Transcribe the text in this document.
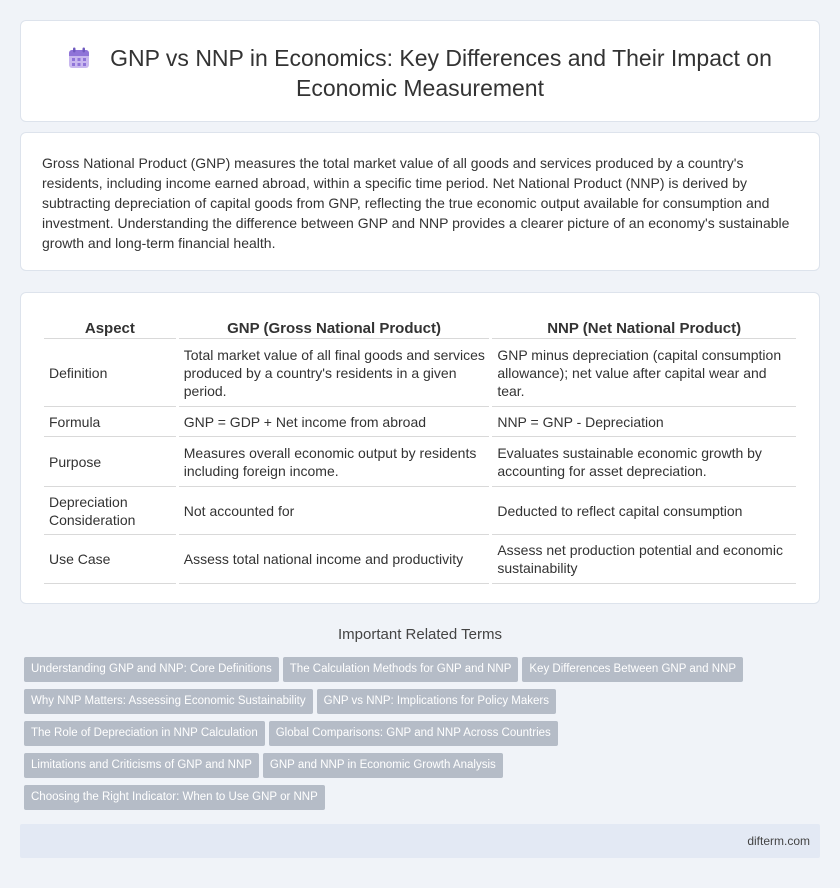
GNP vs NNP in Economics: Key Differences and Their Impact on Economic Measurement

Gross National Product (GNP) measures the total market value of all goods and services produced by a country's residents, including income earned abroad, within a specific time period. Net National Product (NNP) is derived by subtracting depreciation of capital goods from GNP, reflecting the true economic output available for consumption and investment. Understanding the difference between GNP and NNP provides a clearer picture of an economy's sustainable growth and long-term financial health.

Aspect	GNP (Gross National Product)	NNP (Net National Product)
Definition	Total market value of all final goods and services produced by a country's residents in a given period.	GNP minus depreciation (capital consumption allowance); net value after capital wear and tear.
Formula	GNP = GDP + Net income from abroad	NNP = GNP - Depreciation
Purpose	Measures overall economic output by residents including foreign income.	Evaluates sustainable economic growth by accounting for asset depreciation.
Depreciation Consideration	Not accounted for	Deducted to reflect capital consumption
Use Case	Assess total national income and productivity	Assess net production potential and economic sustainability
Important Related Terms
Understanding GNP and NNP: Core Definitions The Calculation Methods for GNP and NNP Key Differences Between GNP and NNP
Why NNP Matters: Assessing Economic Sustainability GNP vs NNP: Implications for Policy Makers
The Role of Depreciation in NNP Calculation Global Comparisons: GNP and NNP Across Countries
Limitations and Criticisms of GNP and NNP GNP and NNP in Economic Growth Analysis
Choosing the Right Indicator: When to Use GNP or NNP
difterm.com
